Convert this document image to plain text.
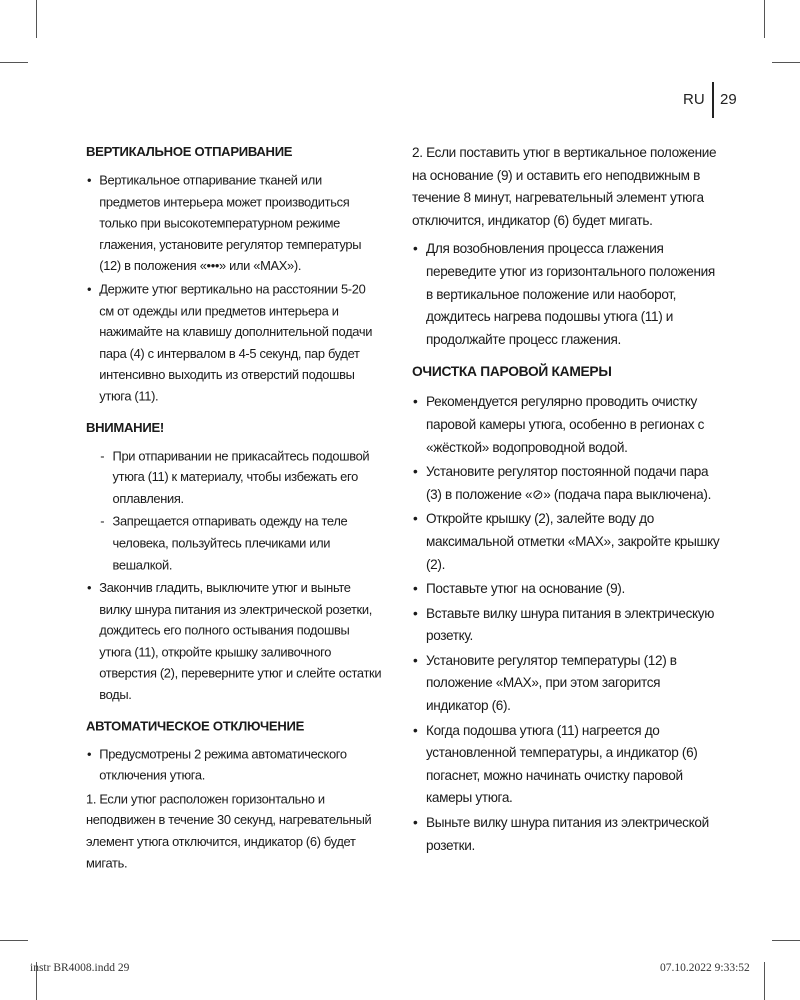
RU 29
ВЕРТИКАЛЬНОЕ ОТПАРИВАНИЕ
• Вертикальное отпаривание тканей или предметов интерьера может производиться только при высокотемпературном режиме глажения, установите регулятор температуры (12) в положения «•••» или «MAX»).
• Держите утюг вертикально на расстоянии 5-20 см от одежды или предметов интерьера и нажимайте на клавишу дополнительной подачи пара (4) с интервалом в 4-5 секунд, пар будет интенсивно выходить из отверстий подошвы утюга (11).
ВНИМАНИЕ!
- При отпаривании не прикасайтесь подошвой утюга (11) к материалу, чтобы избежать его оплавления.
- Запрещается отпаривать одежду на теле человека, пользуйтесь плечиками или вешалкой.
• Закончив гладить, выключите утюг и выньте вилку шнура питания из электрической розетки, дождитесь его полного остывания подошвы утюга (11), откройте крышку заливочного отверстия (2), переверните утюг и слейте остатки воды.
АВТОМАТИЧЕСКОЕ ОТКЛЮЧЕНИЕ
• Предусмотрены 2 режима автоматического отключения утюга.

1. Если утюг расположен горизонтально и неподвижен в течение 30 секунд, нагревательный элемент утюга отключится, индикатор (6) будет мигать.

2. Если поставить утюг в вертикальное положение на основание (9) и оставить его неподвижным в течение 8 минут, нагревательный элемент утюга отключится, индикатор (6) будет мигать.

• Для возобновления процесса глажения переведите утюг из горизонтального положения в вертикальное положение или наоборот, дождитесь нагрева подошвы утюга (11) и продолжайте процесс глажения.
ОЧИСТКА ПАРОВОЙ КАМЕРЫ
• Рекомендуется регулярно проводить очистку паровой камеры утюга, особенно в регионах с «жёсткой» водопроводной водой.
• Установите регулятор постоянной подачи пара (3) в положение «⊘» (подача пара выключена).
• Откройте крышку (2), залейте воду до максимальной отметки «MAX», закройте крышку (2).
• Поставьте утюг на основание (9).
• Вставьте вилку шнура питания в электрическую розетку.
• Установите регулятор температуры (12) в положение «MAX», при этом загорится индикатор (6).
• Когда подошва утюга (11) нагреется до установленной температуры, а индикатор (6) погаснет, можно начинать очистку паровой камеры утюга.
• Выньте вилку шнура питания из электрической розетки.
instr BR4008.indd 29	07.10.2022 9:33:52
